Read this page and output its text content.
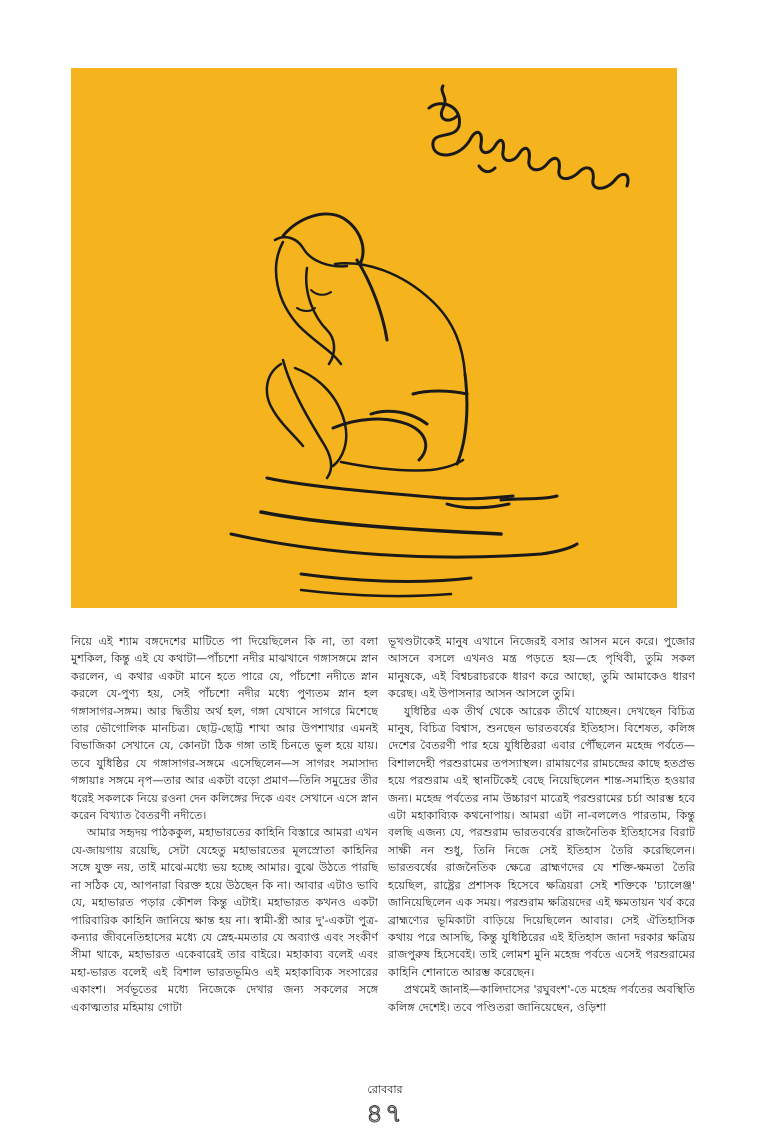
নিয়ে এই শ্যাম বঙ্গদেশের মাটিতে পা দিয়েছিলেন কি না, তা বলা মুশকিল, কিন্তু এই যে কথাটা—পাঁচশো নদীর মাঝখানে গঙ্গাসঙ্গমে স্নান করলেন, এ কথার একটা মানে হতে পারে যে, পাঁচশো নদীতে স্নান করলে যে-পুণ্য হয়, সেই পাঁচশো নদীর মধ্যে পুণ্যতম স্নান হল গঙ্গাসাগর-সঙ্গম। আর দ্বিতীয় অর্থ হল, গঙ্গা যেখানে সাগরে মিশেছে তার ভৌগোলিক মানচিত্র। ছোট্ট-ছোট্ট শাখা আর উপশাখার এমনই বিভাজিকা সেখানে যে, কোনটা ঠিক গঙ্গা তাই চিনতে ভুল হয়ে যায়। তবে যুধিষ্ঠির যে গঙ্গাসাগর-সঙ্গমে এসেছিলেন—স সাগরং সমাসাদ্য গঙ্গায়াঃ সঙ্গমে নৃপ—তার আর একটা বড়ো প্রমাণ—তিনি সমুদ্রের তীর ধরেই সকলকে নিয়ে রওনা দেন কলিঙ্গের দিকে এবং সেখানে এসে স্নান করেন বিখ্যাত বৈতরণী নদীতে।

আমার সহৃদয় পাঠককুল, মহাভারতের কাহিনি বিস্তারে আমরা এখন যে-জায়গায় রয়েছি, সেটা যেহেতু মহাভারতের মূলস্রোতা কাহিনির সঙ্গে যুক্ত নয়, তাই মাঝে-মধ্যে ভয় হচ্ছে আমার। বুঝে উঠতে পারছি না সঠিক যে, আপনারা বিরক্ত হয়ে উঠছেন কি না। আবার এটাও ভাবি যে, মহাভারত পড়ার কৌশল কিন্তু এটাই। মহাভারত কখনও একটা পারিবারিক কাহিনি জানিয়ে ক্ষান্ত হয় না। স্বামী-স্ত্রী আর দু'-একটা পুত্র-কন্যার জীবনেতিহাসের মধ্যে যে স্নেহ-মমতার যে অব্যাপ্ত এবং সংকীর্ণ সীমা থাকে, মহাভারত একেবারেই তার বাইরে। মহাকাব্য বলেই এবং মহা-ভারত বলেই এই বিশাল ভারতভূমিও এই মহাকাব্যিক সংসারের একাংশ। সর্বভূতের মধ্যে নিজেকে দেখার জন্য সকলের সঙ্গে একাত্মতার মহিমায় গোটা

ভূখণ্ডটাকেই মানুষ এখানে নিজেরই বসার আসন মনে করে। পুজোর আসনে বসলে এখনও মন্ত্র পড়তে হয়—হে পৃথিবী, তুমি সকল মানুষকে, এই বিশ্বচরাচরকে ধারণ করে আছো, তুমি আমাকেও ধারণ করেছ। এই উপাসনার আসন আসলে তুমি।

যুধিষ্ঠির এক তীর্থ থেকে আরেক তীর্থে যাচ্ছেন। দেখছেন বিচিত্র মানুষ, বিচিত্র বিশ্বাস, শুনছেন ভারতবর্ষের ইতিহাস। বিশেষত, কলিঙ্গ দেশের বৈতরণী পার হয়ে যুধিষ্ঠিররা এবার পৌঁছলেন মহেন্দ্র পর্বতে—বিশালদেহী পরশুরামের তপস্যাস্থল। রামায়ণের রামচন্দ্রের কাছে হতপ্রভ হয়ে পরশুরাম এই স্থানটিকেই বেছে নিয়েছিলেন শান্ত-সমাহিত হওয়ার জন্য। মহেন্দ্র পর্বতের নাম উচ্চারণ মাত্রেই পরশুরামের চর্চা আরম্ভ হবে এটা মহাকাব্যিক কথনোপায়। আমরা এটা না-বললেও পারতাম, কিন্তু বলছি এজন্য যে, পরশুরাম ভারতবর্ষের রাজনৈতিক ইতিহাসের বিরাট সাক্ষী নন শুধু, তিনি নিজে সেই ইতিহাস তৈরি করেছিলেন। ভারতবর্ষের রাজনৈতিক ক্ষেত্রে ব্রাহ্মণদের যে শক্তি-ক্ষমতা তৈরি হয়েছিল, রাষ্ট্রের প্রশাসক হিসেবে ক্ষত্রিয়রা সেই শক্তিকে 'চ্যালেঞ্জ' জানিয়েছিলেন এক সময়। পরশুরাম ক্ষত্রিয়দের এই ক্ষমতায়ন খর্ব করে ব্রাহ্মণ্যের ভূমিকাটা বাড়িয়ে দিয়েছিলেন আবার। সেই ঐতিহাসিক কথায় পরে আসছি, কিন্তু যুধিষ্ঠিরের এই ইতিহাস জানা দরকার ক্ষত্রিয় রাজপুরুষ হিসেবেই। তাই লোমশ মুনি মহেন্দ্র পর্বতে এসেই পরশুরামের কাহিনি শোনাতে আরম্ভ করেছেন।

প্রথমেই জানাই—কালিদাসের 'রঘুবংশ'-তে মহেন্দ্র পর্বতের অবস্থিতি কলিঙ্গ দেশেই। তবে পণ্ডিতরা জানিয়েছেন, ওড়িশা

রোববার
৪৭
